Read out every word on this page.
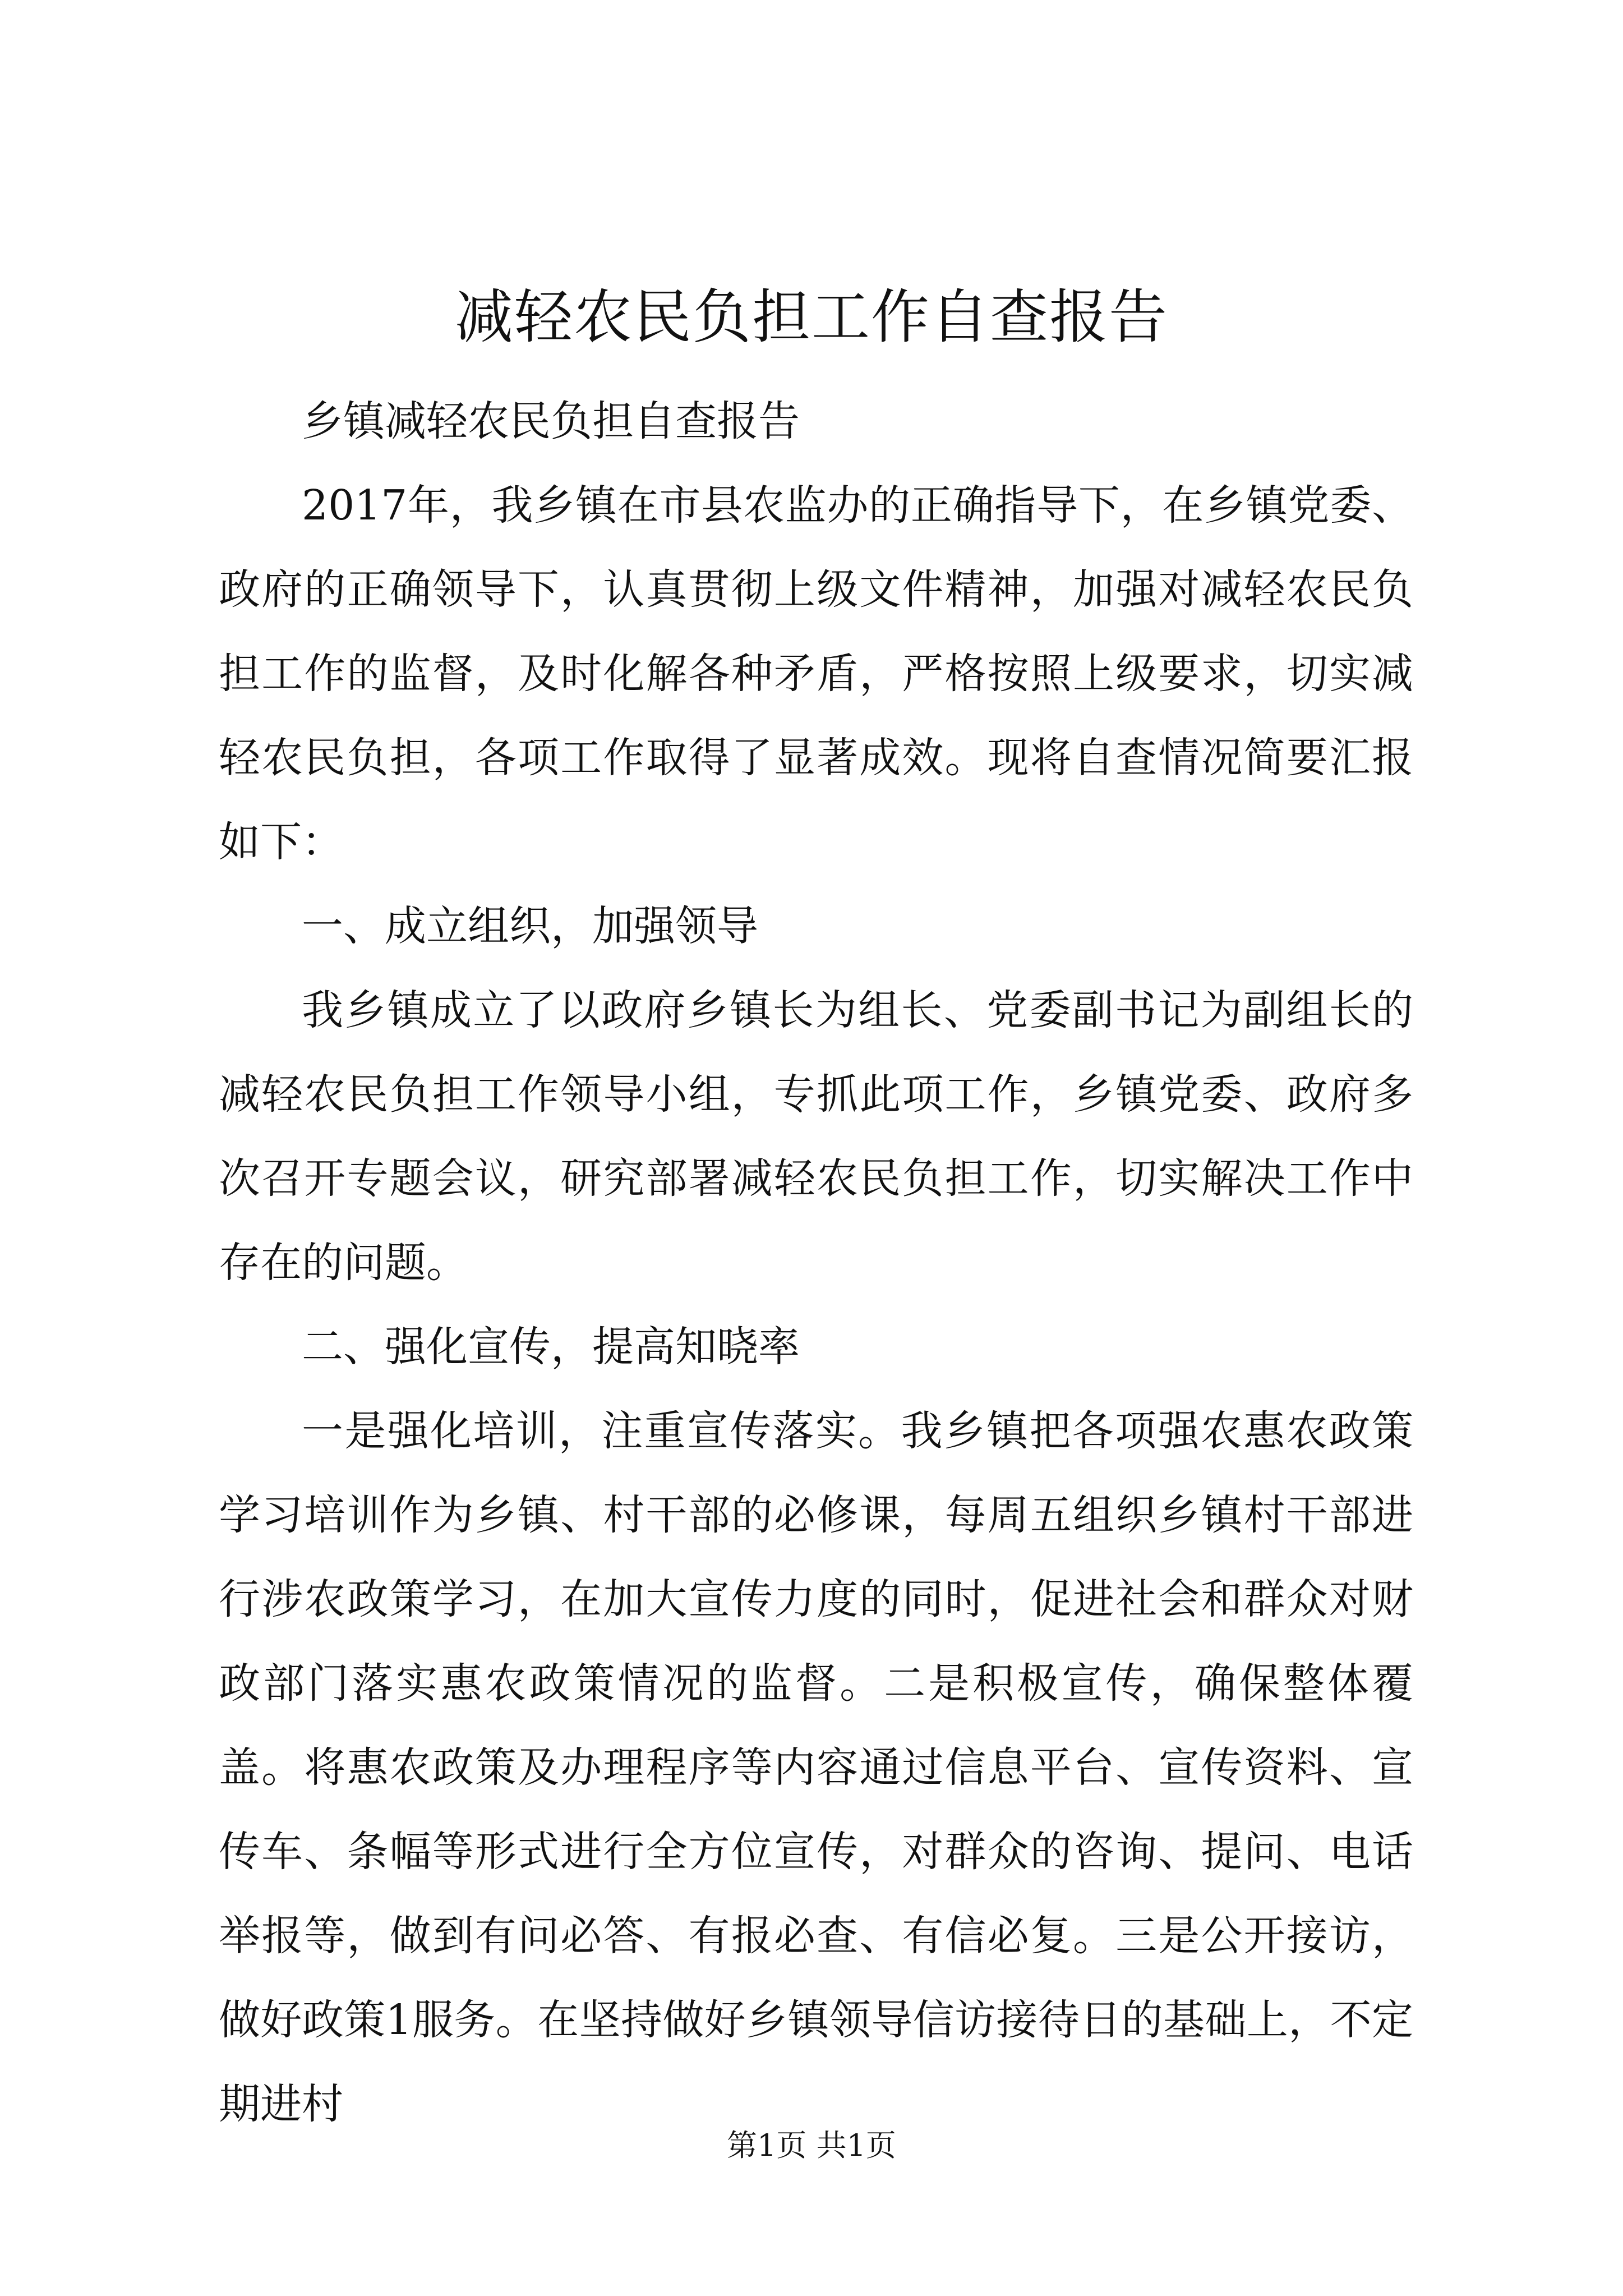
减轻农民负担工作自查报告

乡镇减轻农民负担自查报告

2017年，我乡镇在市县农监办的正确指导下，在乡镇党委、政府的正确领导下，认真贯彻上级文件精神，加强对减轻农民负担工作的监督，及时化解各种矛盾，严格按照上级要求，切实减轻农民负担，各项工作取得了显著成效。现将自查情况简要汇报如下：

一、成立组织，加强领导

我乡镇成立了以政府乡镇长为组长、党委副书记为副组长的减轻农民负担工作领导小组，专抓此项工作，乡镇党委、政府多次召开专题会议，研究部署减轻农民负担工作，切实解决工作中存在的问题。

二、强化宣传，提高知晓率

一是强化培训，注重宣传落实。我乡镇把各项强农惠农政策学习培训作为乡镇、村干部的必修课，每周五组织乡镇村干部进行涉农政策学习，在加大宣传力度的同时，促进社会和群众对财政部门落实惠农政策情况的监督。二是积极宣传，确保整体覆盖。将惠农政策及办理程序等内容通过信息平台、宣传资料、宣传车、条幅等形式进行全方位宣传，对群众的咨询、提问、电话举报等，做到有问必答、有报必查、有信必复。三是公开接访，做好政策1服务。在坚持做好乡镇领导信访接待日的基础上，不定期进村

第1页 共1页
